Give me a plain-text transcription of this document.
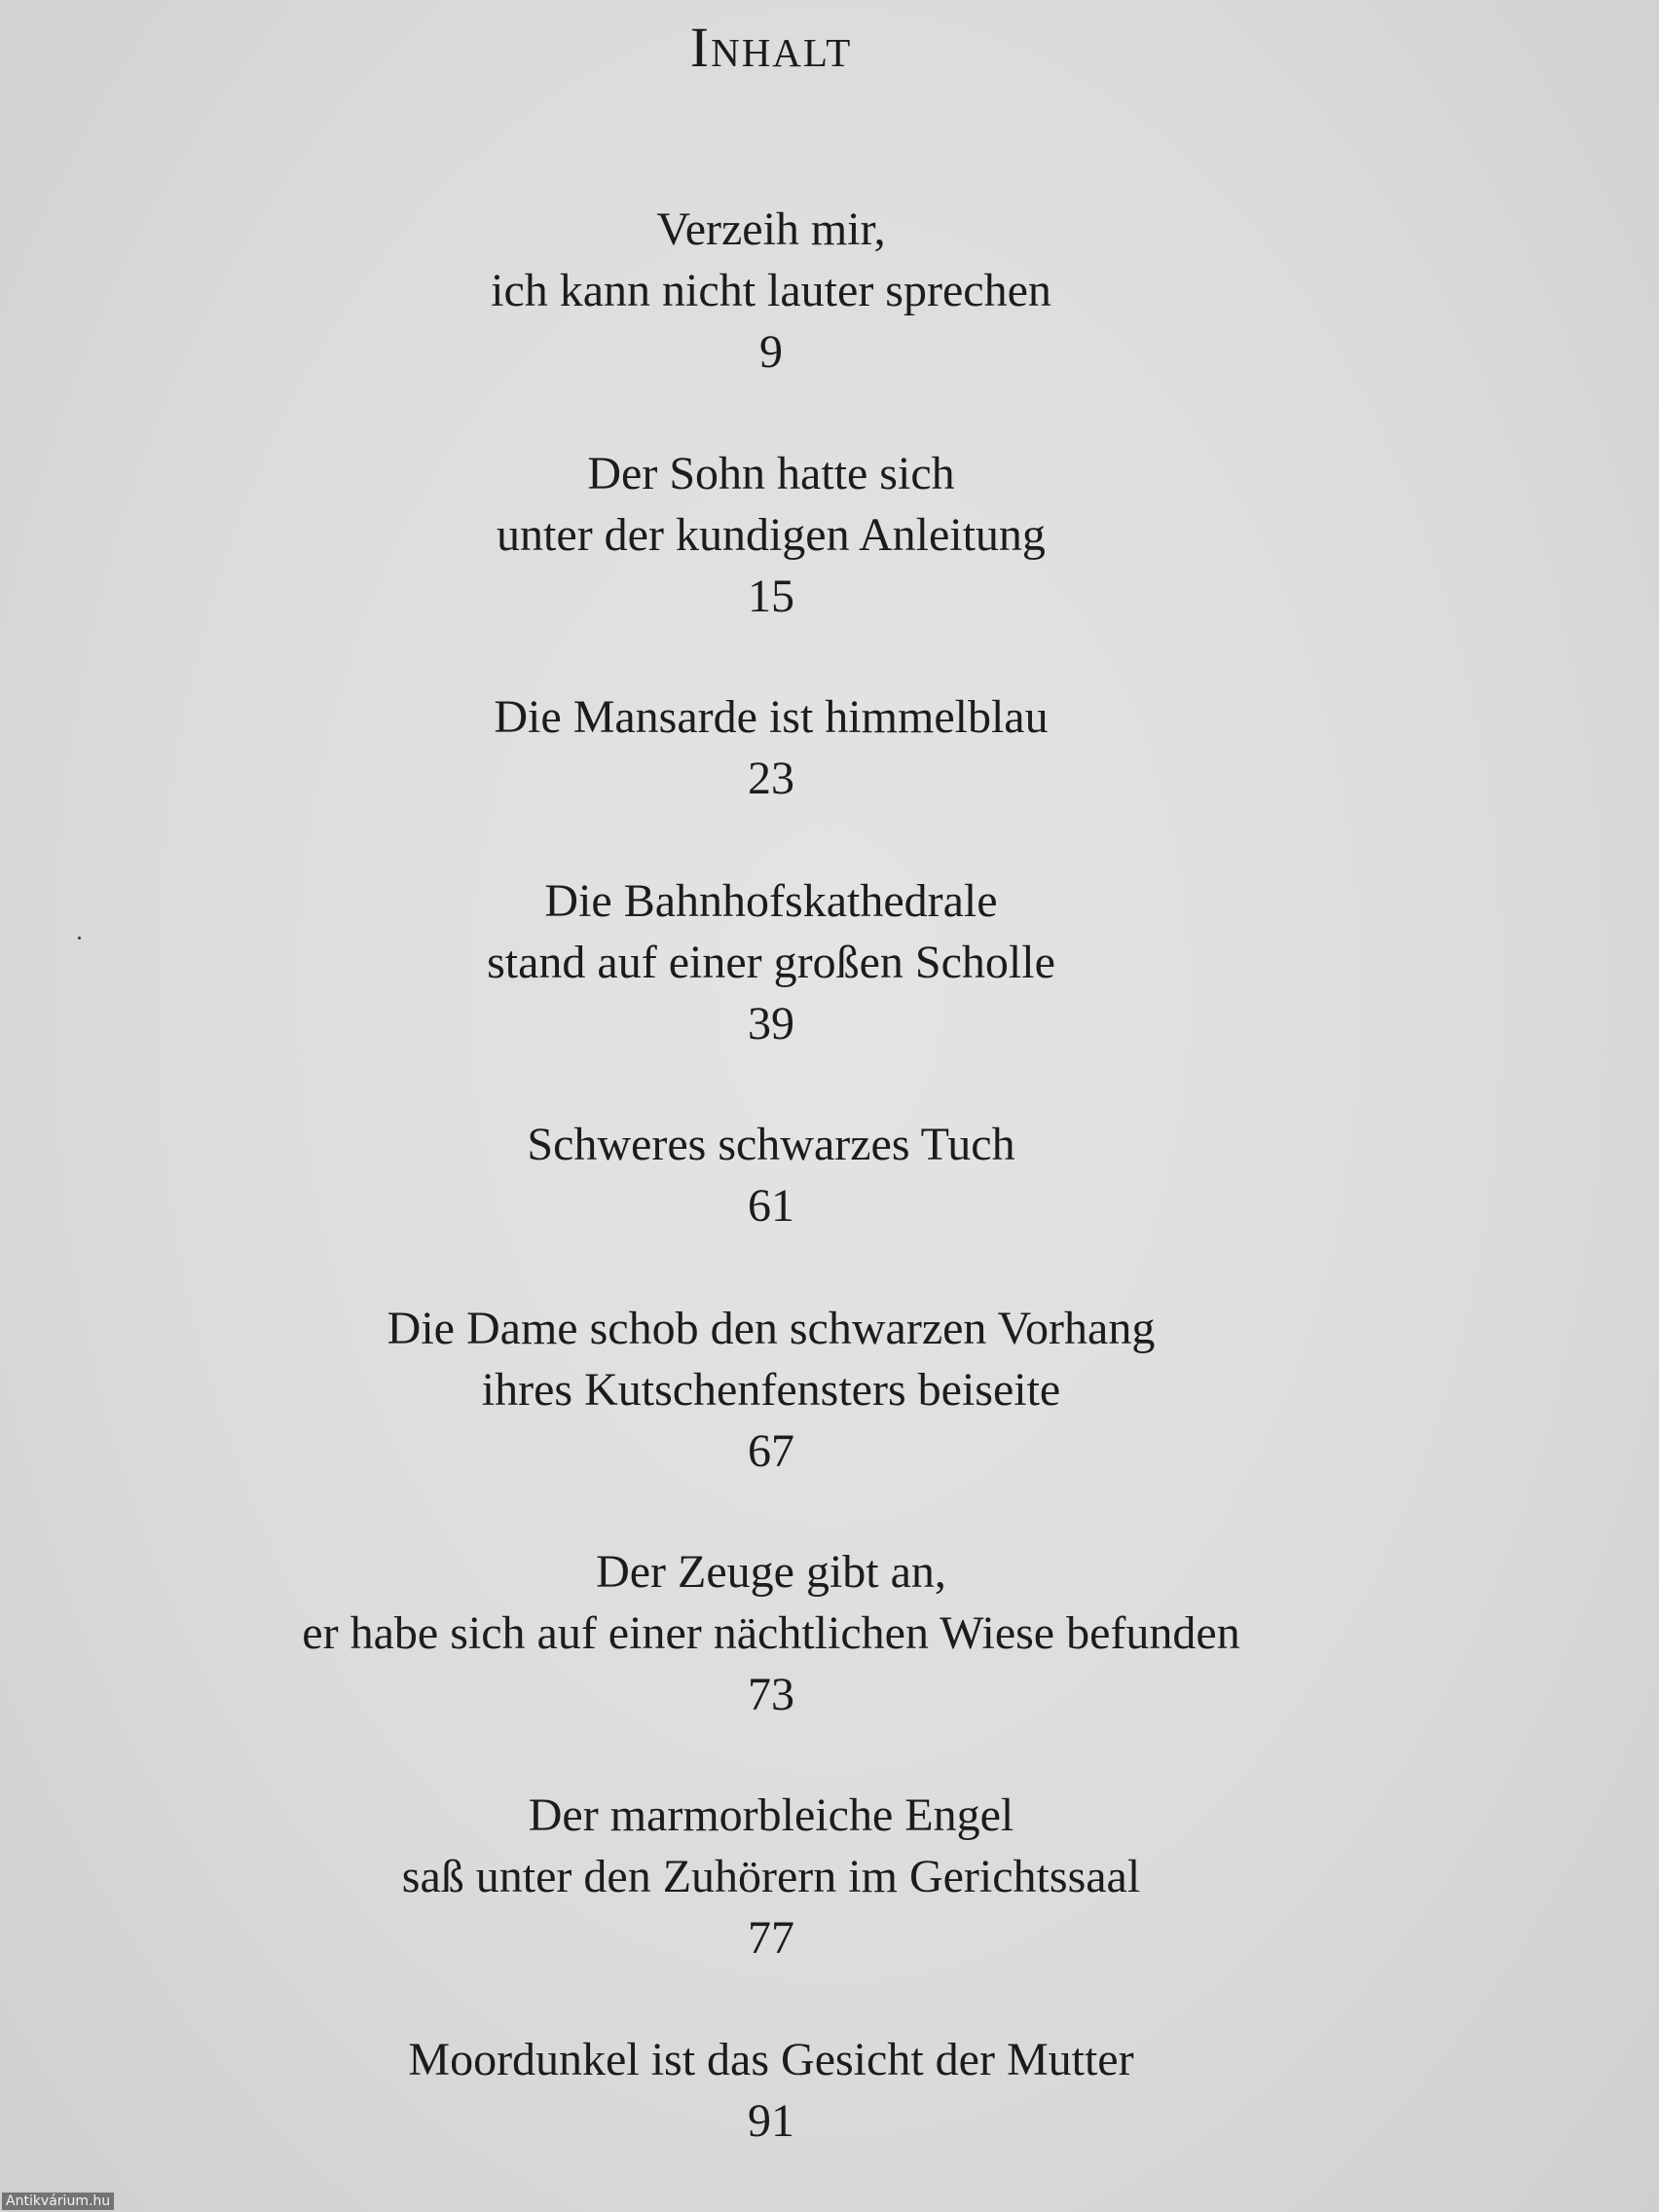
Inhalt
Verzeih mir,
ich kann nicht lauter sprechen
9
Der Sohn hatte sich
unter der kundigen Anleitung
15
Die Mansarde ist himmelblau
23
Die Bahnhofskathedrale
stand auf einer großen Scholle
39
Schweres schwarzes Tuch
61
Die Dame schob den schwarzen Vorhang
ihres Kutschenfensters beiseite
67
Der Zeuge gibt an,
er habe sich auf einer nächtlichen Wiese befunden
73
Der marmorbleiche Engel
saß unter den Zuhörern im Gerichtssaal
77
Moordunkel ist das Gesicht der Mutter
91
Antikvárium.hu
